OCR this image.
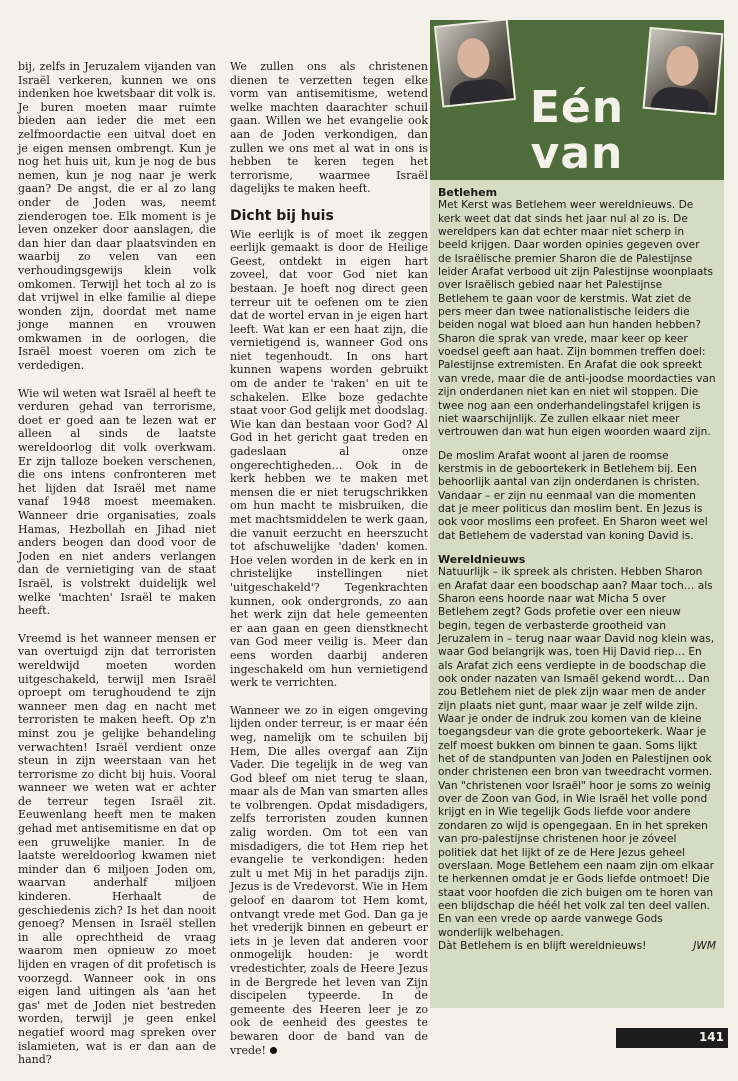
bij, zelfs in Jeruzalem vijanden van Israël verkeren, kunnen we ons indenken hoe kwetsbaar dit volk is. Je buren moeten maar ruimte bieden aan ieder die met een zelfmoordactie een uitval doet en je eigen mensen ombrengt. Kun je nog het huis uit, kun je nog de bus nemen, kun je nog naar je werk gaan? De angst, die er al zo lang onder de Joden was, neemt zienderogen toe. Elk moment is je leven onzeker door aanslagen, die dan hier dan daar plaatsvinden en waarbij zo velen van een verhoudingsgewijs klein volk omkomen. Terwijl het toch al zo is dat vrijwel in elke familie al diepe wonden zijn, doordat met name jonge mannen en vrouwen omkwamen in de oorlogen, die Israël moest voeren om zich te verdedigen.

Wie wil weten wat Israël al heeft te verduren gehad van terrorisme, doet er goed aan te lezen wat er alleen al sinds de laatste wereldoorlog dit volk overkwam. Er zijn talloze boeken verschenen, die ons intens confronteren met het lijden dat Israël met name vanaf 1948 moest meemaken. Wanneer drie organisaties, zoals Hamas, Hezbollah en Jihad niet anders beogen dan dood voor de Joden en niet anders verlangen dan de vernietiging van de staat Israël, is volstrekt duidelijk wel welke 'machten' Israël te maken heeft.

Vreemd is het wanneer mensen er van overtuigd zijn dat terroristen wereldwijd moeten worden uitgeschakeld, terwijl men Israël oproept om terughoudend te zijn wanneer men dag en nacht met terroristen te maken heeft. Op z'n minst zou je gelijke behandeling verwachten! Israël verdient onze steun in zijn weerstaan van het terrorisme zo dicht bij huis. Vooral wanneer we weten wat er achter de terreur tegen Israël zit. Eeuwenlang heeft men te maken gehad met antisemitisme en dat op een gruwelijke manier. In de laatste wereldoorlog kwamen niet minder dan 6 miljoen Joden om, waarvan anderhalf miljoen kinderen. Herhaalt de geschiedenis zich? Is het dan nooit genoeg? Mensen in Israël stellen in alle oprechtheid de vraag waarom men opnieuw zo moet lijden en vragen of dit profetisch is voorzegd. Wanneer ook in ons eigen land uitingen als 'aan het gas' met de Joden niet bestreden worden, terwijl je geen enkel negatief woord mag spreken over islamieten, wat is er dan aan de hand?

We zullen ons als christenen dienen te verzetten tegen elke vorm van antisemitisme, wetend welke machten daarachter schuil gaan. Willen we het evangelie ook aan de Joden verkondigen, dan zullen we ons met al wat in ons is hebben te keren tegen het terrorisme, waarmee Israël dagelijks te maken heeft.

Dicht bij huis

Wie eerlijk is of moet ik zeggen eerlijk gemaakt is door de Heilige Geest, ontdekt in eigen hart zoveel, dat voor God niet kan bestaan. Je hoeft nog direct geen terreur uit te oefenen om te zien dat de wortel ervan in je eigen hart leeft. Wat kan er een haat zijn, die vernietigend is, wanneer God ons niet tegenhoudt. In ons hart kunnen wapens worden gebruikt om de ander te 'raken' en uit te schakelen. Elke boze gedachte staat voor God gelijk met doodslag. Wie kan dan bestaan voor God? Al God in het gericht gaat treden en gadeslaan al onze ongerechtigheden… Ook in de kerk hebben we te maken met mensen die er niet terugschrikken om hun macht te misbruiken, die met machtsmiddelen te werk gaan, die vanuit eerzucht en heerszucht tot afschuwelijke 'daden' komen. Hoe velen worden in de kerk en in christelijke instellingen niet 'uitgeschakeld'? Tegenkrachten kunnen, ook ondergronds, zo aan het werk zijn dat hele gemeenten er aan gaan en geen dienstknecht van God meer veilig is. Meer dan eens worden daarbij anderen ingeschakeld om hun vernietigend werk te verrichten.

Wanneer we zo in eigen omgeving lijden onder terreur, is er maar één weg, namelijk om te schuilen bij Hem, Die alles overgaf aan Zijn Vader. Die tegelijk in de weg van God bleef om niet terug te slaan, maar als de Man van smarten alles te volbrengen. Opdat misdadigers, zelfs terroristen zouden kunnen zalig worden. Om tot een van misdadigers, die tot Hem riep het evangelie te verkondigen: heden zult u met Mij in het paradijs zijn. Jezus is de Vredevorst. Wie in Hem geloof en daarom tot Hem komt, ontvangt vrede met God. Dan ga je het vrederijk binnen en gebeurt er iets in je leven dat anderen voor onmogelijk houden: je wordt vredestichter, zoals de Heere Jezus in de Bergrede het leven van Zijn discipelen typeerde. In de gemeente des Heeren leer je zo ook de eenheid des geestes te bewaren door de band van de vrede!

Eén
van
Betlehem

Met Kerst was Betlehem weer wereldnieuws. De kerk weet dat dat sinds het jaar nul al zo is. De wereldpers kan dat echter maar niet scherp in beeld krijgen. Daar worden opinies gegeven over de Israëlische premier Sharon die de Palestijnse leider Arafat verbood uit zijn Palestijnse woonplaats over Israëlisch gebied naar het Palestijnse Betlehem te gaan voor de kerstmis. Wat ziet de pers meer dan twee nationalistische leiders die beiden nogal wat bloed aan hun handen hebben? Sharon die sprak van vrede, maar keer op keer voedsel geeft aan haat. Zijn bommen treffen doel: Palestijnse extremisten. En Arafat die ook spreekt van vrede, maar die de anti-joodse moordacties van zijn onderdanen niet kan en niet wil stoppen. Die twee nog aan een onderhandelingstafel krijgen is niet waarschijnlijk. Ze zullen elkaar niet meer vertrouwen dan wat hun eigen woorden waard zijn.

De moslim Arafat woont al jaren de roomse kerstmis in de geboortekerk in Betlehem bij. Een behoorlijk aantal van zijn onderdanen is christen. Vandaar – er zijn nu eenmaal van die momenten dat je meer politicus dan moslim bent. En Jezus is ook voor moslims een profeet. En Sharon weet wel dat Betlehem de vaderstad van koning David is.

Wereldnieuws

Natuurlijk – ik spreek als christen. Hebben Sharon en Arafat daar een boodschap aan? Maar toch… als Sharon eens hoorde naar wat Micha 5 over Betlehem zegt? Gods profetie over een nieuw begin, tegen de verbasterde grootheid van Jeruzalem in – terug naar waar David nog klein was, waar God belangrijk was, toen Hij David riep… En als Arafat zich eens verdiepte in de boodschap die ook onder nazaten van Ismaël gekend wordt… Dan zou Betlehem niet de plek zijn waar men de ander zijn plaats niet gunt, maar waar je zelf wilde zijn. Waar je onder de indruk zou komen van de kleine toegangsdeur van die grote geboortekerk. Waar je zelf moest bukken om binnen te gaan. Soms lijkt het of de standpunten van Joden en Palestijnen ook onder christenen een bron van tweedracht vormen. Van "christenen voor Israël" hoor je soms zo weinig over de Zoon van God, in Wie Israël het volle pond krijgt en in Wie tegelijk Gods liefde voor andere zondaren zo wijd is opengegaan. En in het spreken van pro-palestijnse christenen hoor je zóveel politiek dat het lijkt of ze de Here Jezus geheel overslaan. Moge Betlehem een naam zijn om elkaar te herkennen omdat je er Gods liefde ontmoet! Die staat voor hoofden die zich buigen om te horen van een blijdschap die héél het volk zal ten deel vallen. En van een vrede op aarde vanwege Gods wonderlijk welbehagen.
Dàt Betlehem is en blijft wereldnieuws!	JWM

141
